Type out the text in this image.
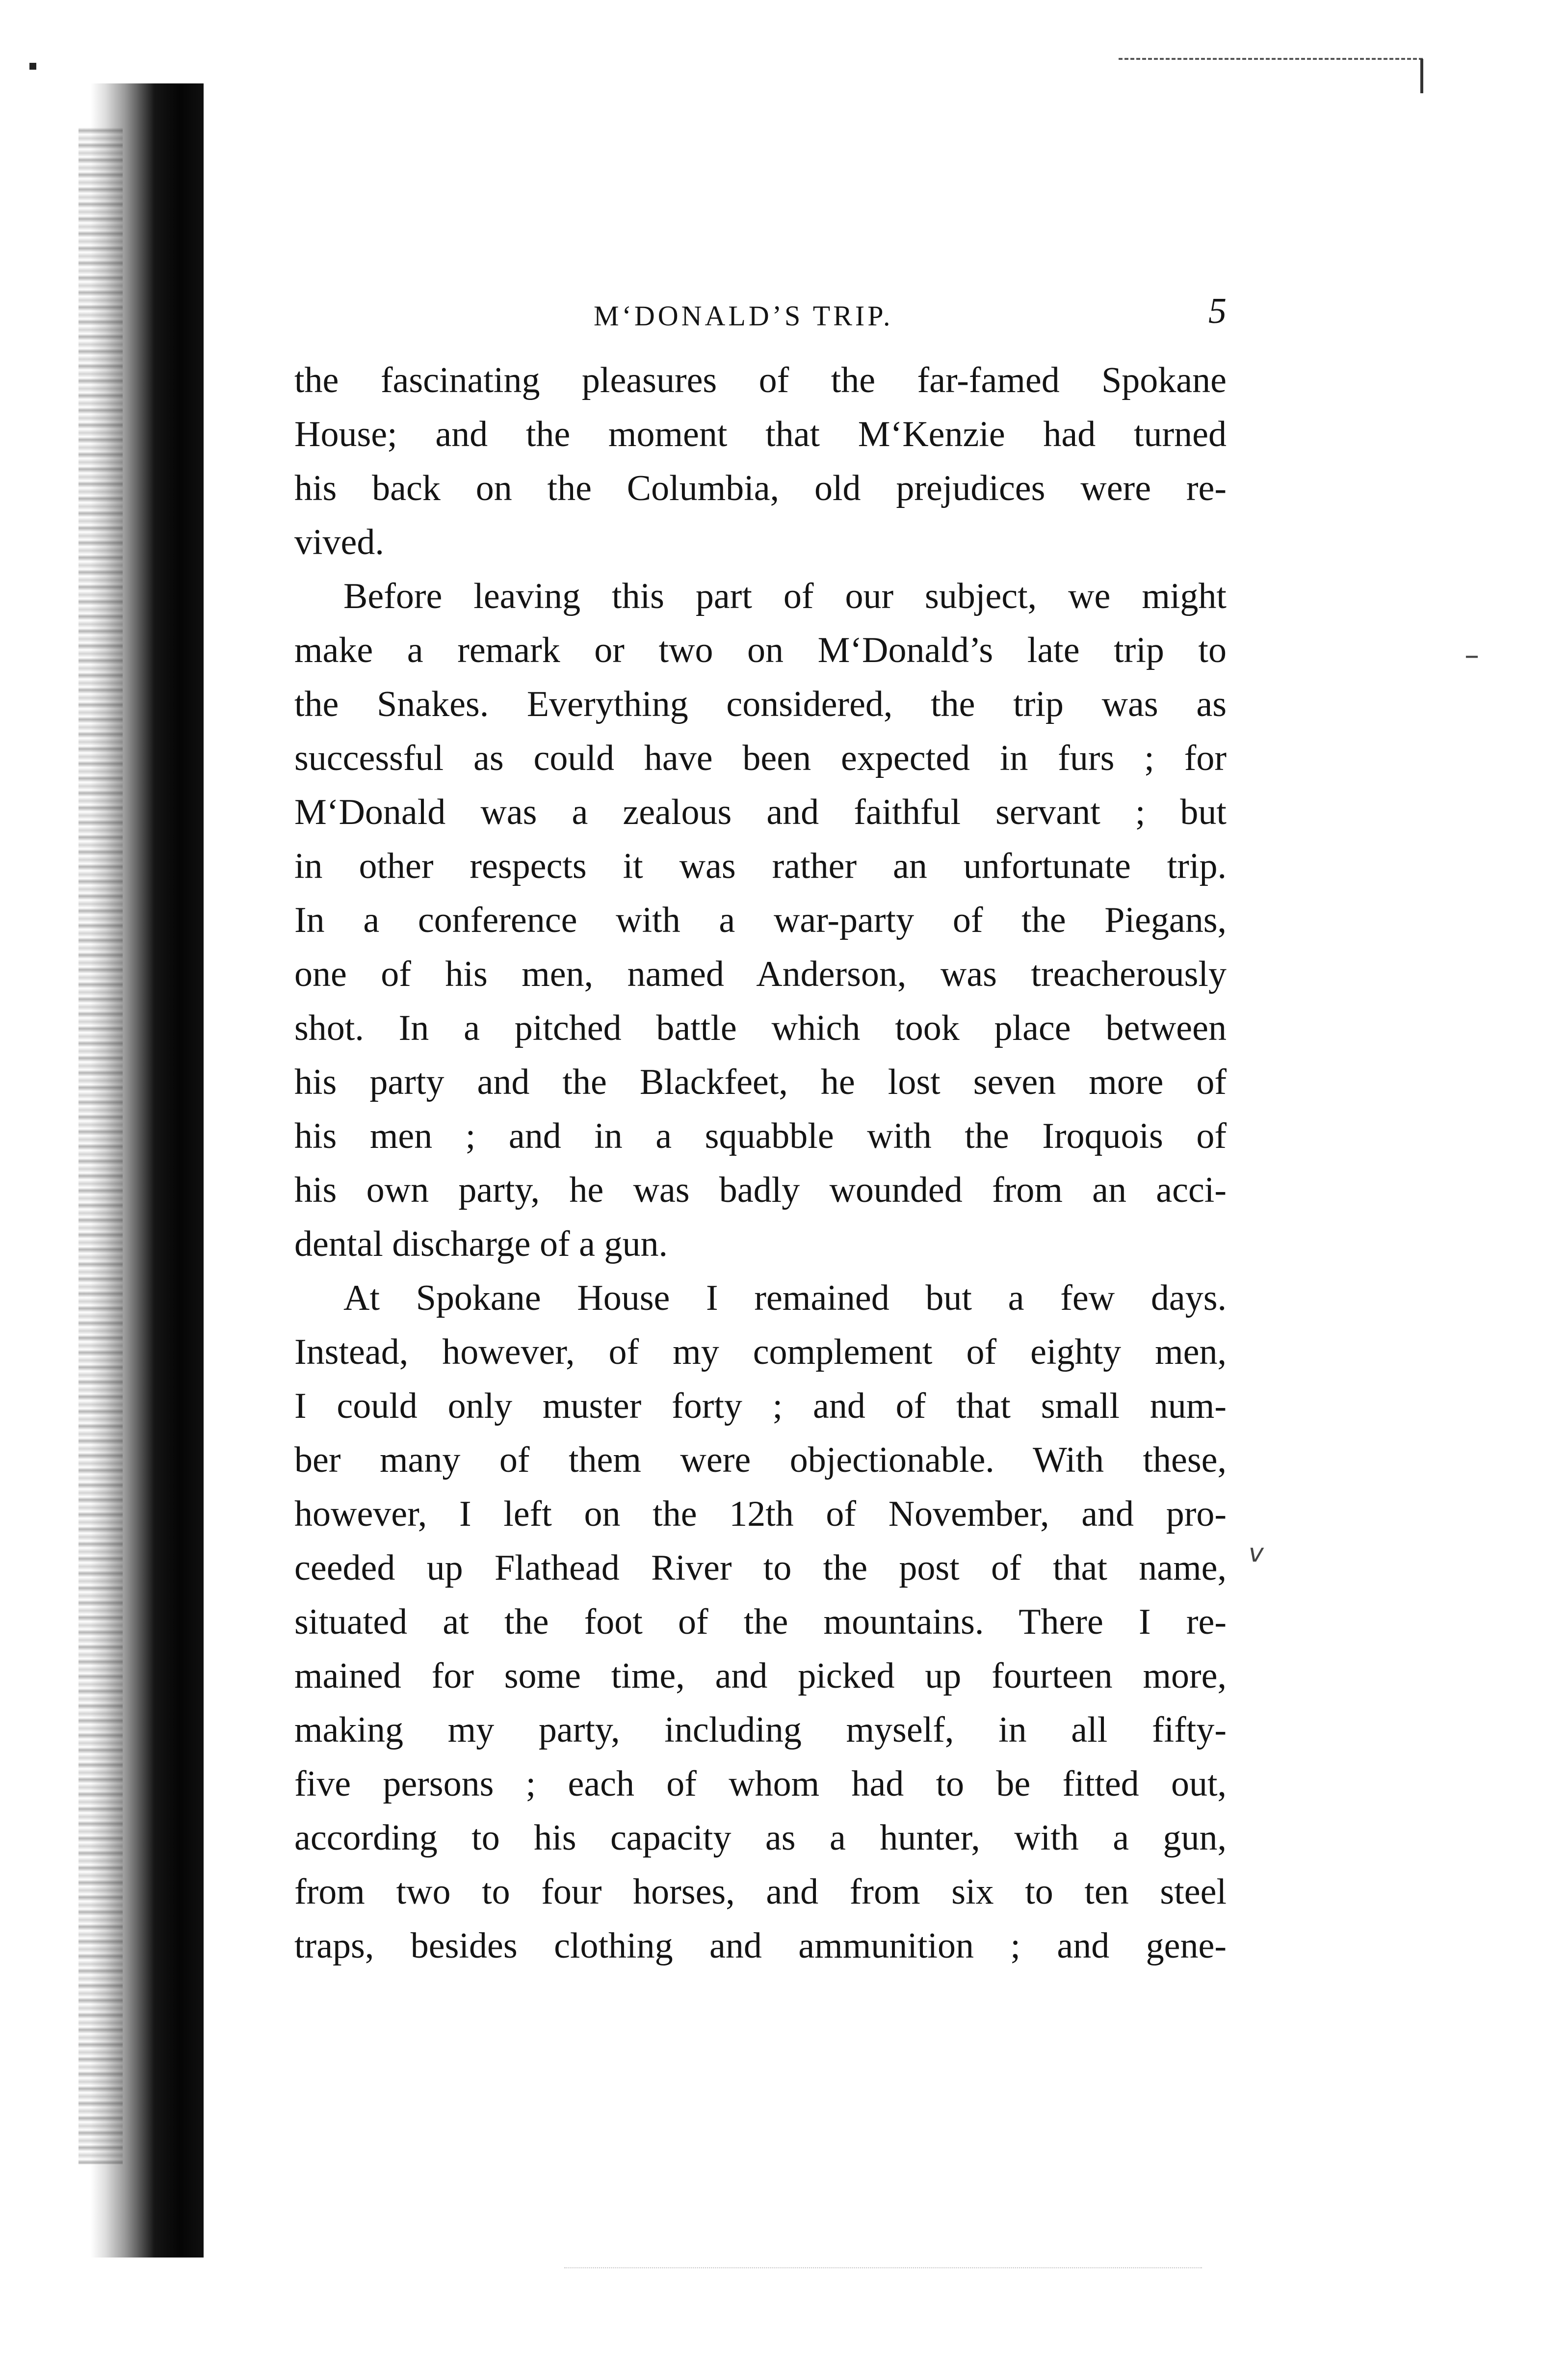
M‘DONALD’S TRIP.	5
the fascinating pleasures of the far-famed Spokane
House; and the moment that M‘Kenzie had turned
his back on the Columbia, old prejudices were re-
vived.
Before leaving this part of our subject, we might
make a remark or two on M‘Donald’s late trip to
the Snakes. Everything considered, the trip was as
successful as could have been expected in furs ; for
M‘Donald was a zealous and faithful servant ; but
in other respects it was rather an unfortunate trip.
In a conference with a war-party of the Piegans,
one of his men, named Anderson, was treacherously
shot. In a pitched battle which took place between
his party and the Blackfeet, he lost seven more of
his men ; and in a squabble with the Iroquois of
his own party, he was badly wounded from an acci-
dental discharge of a gun.
At Spokane House I remained but a few days.
Instead, however, of my complement of eighty men,
I could only muster forty ; and of that small num-
ber many of them were objectionable. With these,
however, I left on the 12th of November, and pro-
ceeded up Flathead River to the post of that name,
situated at the foot of the mountains. There I re-
mained for some time, and picked up fourteen more,
making my party, including myself, in all fifty-
five persons ; each of whom had to be fitted out,
according to his capacity as a hunter, with a gun,
from two to four horses, and from six to ten steel
traps, besides clothing and ammunition ; and gene-
–
v
